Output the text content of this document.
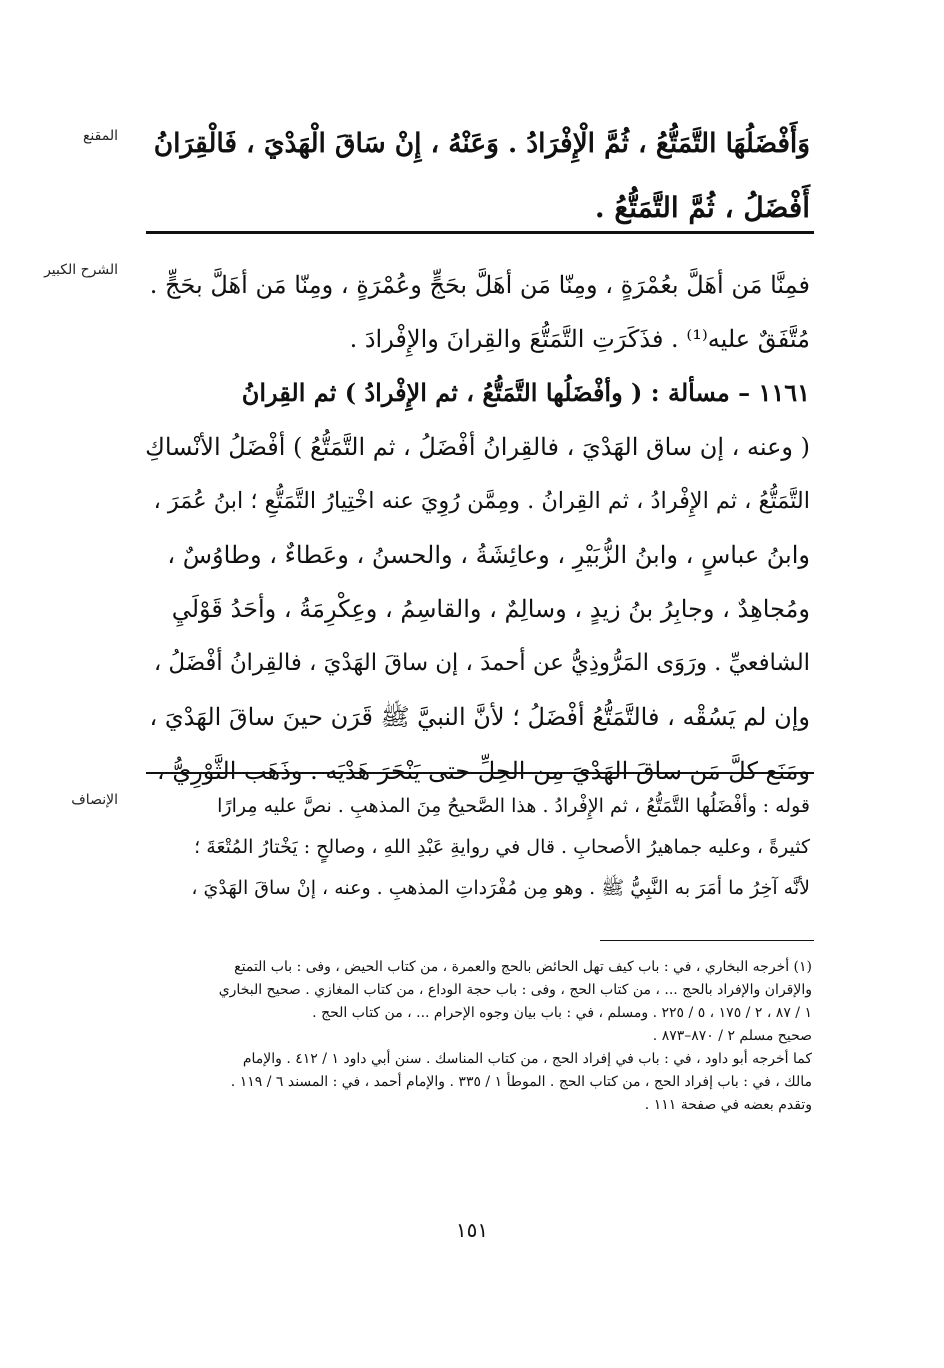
المقنع	وَأَفْضَلُهَا التَّمَتُّعُ ، ثُمَّ الْإِفْرَادُ . وَعَنْهُ ، إِنْ سَاقَ الْهَدْيَ ، فَالْقِرَانُ
أَفْضَلُ ، ثُمَّ التَّمَتُّعُ .
الشرح الكبير
فمِنَّا مَن أهَلَّ بعُمْرَةٍ ، ومِنّا مَن أهَلَّ بحَجٍّ وعُمْرَةٍ ، ومِنّا مَن أهَلَّ بحَجٍّ .
مُتَّفَقٌ عليه⁽¹⁾ . فذَكَرَتِ التَّمَتُّعَ والقِرانَ والإِفْرادَ .
١١٦١ – مسألة : ( وأفْضَلُها التَّمَتُّعُ ، ثم الإِفْرادُ ) ثم القِرانُ
( وعنه ، إن ساق الهَدْيَ ، فالقِرانُ أفْضَلُ ، ثم التَّمَتُّعُ ) أفْضَلُ الأنْساكِ
التَّمَتُّعُ ، ثم الإِفْرادُ ، ثم القِرانُ . ومِمَّن رُوِيَ عنه اخْتِيارُ التَّمَتُّعِ ؛ ابنُ عُمَرَ ،
وابنُ عباسٍ ، وابنُ الزُّبَيْرِ ، وعائِشَةُ ، والحسنُ ، وعَطاءٌ ، وطاوُسٌ ،
ومُجاهِدٌ ، وجابِرُ بنُ زيدٍ ، وسالِمٌ ، والقاسِمُ ، وعِكْرِمَةُ ، وأحَدُ قَوْلَيِ
الشافعيِّ . ورَوَى المَرُّوذِيُّ عن أحمدَ ، إن ساقَ الهَدْيَ ، فالقِرانُ أفْضَلُ ،
وإن لم يَسُقْه ، فالتَّمَتُّعُ أفْضَلُ ؛ لأنَّ النبيَّ ﷺ قَرَن حينَ ساقَ الهَدْيَ ،
ومَنَع كلَّ مَن ساقَ الهَدْيَ مِن الحِلِّ حتى يَنْحَرَ هَدْيَه . وذَهَب الثَّوْرِيُّ ،
الإنصاف	قوله : وأفْضَلُها التَّمَتُّعُ ، ثم الإِفْرادُ . هذا الصَّحيحُ مِنَ المذهبِ . نصَّ عليه مِرارًا
كثيرةً ، وعليه جماهيرُ الأصحابِ . قال في روايةِ عَبْدِ اللهِ ، وصالحٍ : يَخْتارُ المُتْعَةَ ؛
لأنَّه آخِرُ ما أمَرَ به النَّبِيُّ ﷺ . وهو مِن مُفْرَداتِ المذهبِ . وعنه ، إنْ ساقَ الهَدْيَ ،
(١) أخرجه البخاري ، في : باب كيف تهل الحائض بالحج والعمرة ، من كتاب الحيض ، وفى : باب التمتع
والإقران والإفراد بالحج ... ، من كتاب الحج ، وفى : باب حجة الوداع ، من كتاب المغازي . صحيح البخاري
١ / ٨٧ ، ٢ / ١٧٥ ، ٥ / ٢٢٥ . ومسلم ، في : باب بيان وجوه الإحرام ... ، من كتاب الحج .
صحيح مسلم ٢ / ٨٧٠–٨٧٣ .
كما أخرجه أبو داود ، في : باب في إفراد الحج ، من كتاب المناسك . سنن أبي داود ١ / ٤١٢ . والإمام
مالك ، في : باب إفراد الحج ، من كتاب الحج . الموطأ ١ / ٣٣٥ . والإمام أحمد ، في : المسند ٦ / ١١٩ .
وتقدم بعضه في صفحة ١١١ .
١٥١
